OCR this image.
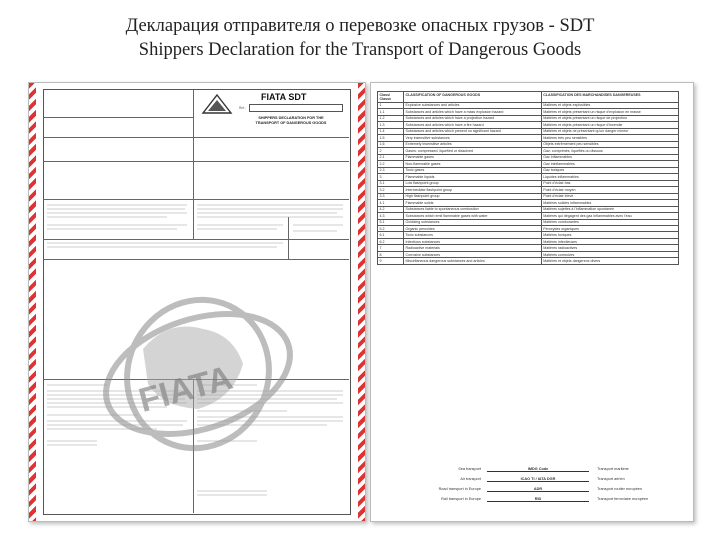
Декларация отправителя о перевозке опасных грузов - SDT
Shippers Declaration for the Transport of Dangerous Goods
FIATA SDT
Ref.:
SHIPPERS DECLARATION FOR THE
TRANSPORT OF DANGEROUS GOODS
FIATA
Class/ Classe	CLASSIFICATION OF DANGEROUS GOODS	CLASSIFICATION DES MARCHANDISES DANGEREUSES
1	Explosive substances and articles	Matières et objets explosibles
1.1	Substances and articles which have a mass explosion hazard	Matières et objets présentant un risque d'explosion en masse
1.2	Substances and articles which have a projection hazard	Matières et objets présentant un risque de projection
1.3	Substances and articles which have a fire hazard	Matières et objets présentant un risque d'incendie
1.4	Substances and articles which present no significant hazard	Matières et objets ne présentant qu'un danger mineur
1.5	Very insensitive substances	Matières très peu sensibles
1.6	Extremely insensitive articles	Objets extrêmement peu sensibles
2	Gases: compressed, liquefied or dissolved	Gaz: comprimés, liquéfiés ou dissous
2.1	Flammable gases	Gaz inflammables
2.2	Non-flammable gases	Gaz ininflammables
2.3	Toxic gases	Gaz toxiques
3	Flammable liquids	Liquides inflammables
3.1	Low flashpoint group	Point d'éclair bas
3.2	Intermediate flashpoint group	Point d'éclair moyen
3.3	High flashpoint group	Point d'éclair élevé
4.1	Flammable solids	Matières solides inflammables
4.2	Substances liable to spontaneous combustion	Matières sujettes à l'inflammation spontanée
4.3	Substances which emit flammable gases with water	Matières qui dégagent des gaz inflammables avec l'eau
5.1	Oxidizing substances	Matières comburantes
5.2	Organic peroxides	Peroxydes organiques
6.1	Toxic substances	Matières toxiques
6.2	Infectious substances	Matières infectieuses
7	Radioactive materials	Matières radioactives
8	Corrosive substances	Matières corrosives
9	Miscellaneous dangerous substances and articles	Matières et objets dangereux divers
Sea transport	IMDG Code	Transport maritime
Air transport	ICAO TI / IATA DGR	Transport aérien
Road transport in Europe	ADR	Transport routier européen
Rail transport in Europe	RID	Transport ferroviaire européen
